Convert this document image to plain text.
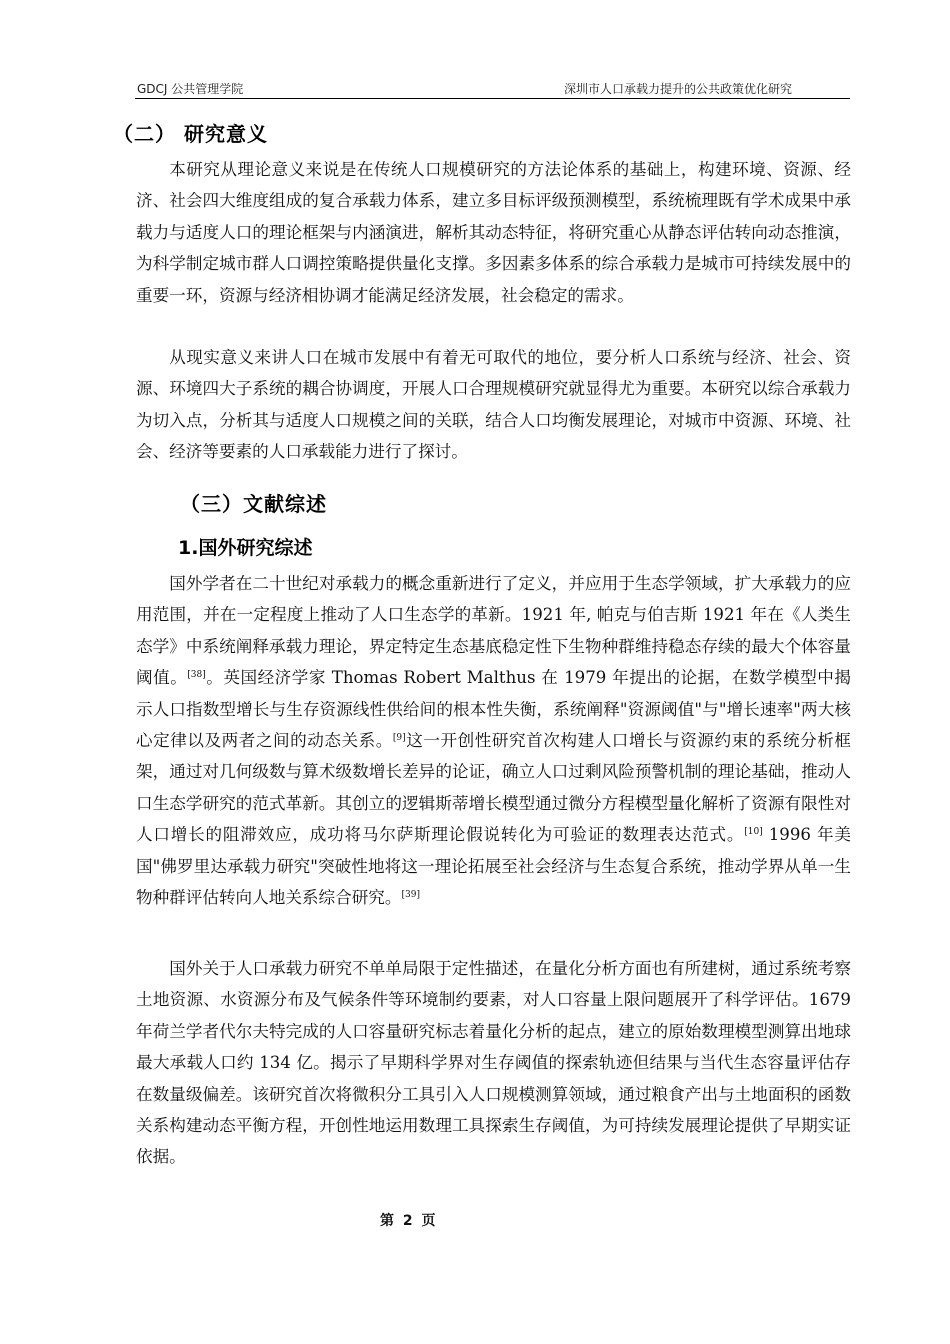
GDCJ 公共管理学院	深圳市人口承载力提升的公共政策优化研究
（二） 研究意义
本研究从理论意义来说是在传统人口规模研究的方法论体系的基础上，构建环境、资源、经济、社会四大维度组成的复合承载力体系，建立多目标评级预测模型，系统梳理既有学术成果中承载力与适度人口的理论框架与内涵演进，解析其动态特征，将研究重心从静态评估转向动态推演，为科学制定城市群人口调控策略提供量化支撑。多因素多体系的综合承载力是城市可持续发展中的重要一环，资源与经济相协调才能满足经济发展，社会稳定的需求。
从现实意义来讲人口在城市发展中有着无可取代的地位，要分析人口系统与经济、社会、资源、环境四大子系统的耦合协调度，开展人口合理规模研究就显得尤为重要。本研究以综合承载力为切入点，分析其与适度人口规模之间的关联，结合人口均衡发展理论，对城市中资源、环境、社会、经济等要素的人口承载能力进行了探讨。
（三）文献综述
1.国外研究综述
国外学者在二十世纪对承载力的概念重新进行了定义，并应用于生态学领域，扩大承载力的应用范围，并在一定程度上推动了人口生态学的革新。1921 年, 帕克与伯吉斯 1921 年在《人类生态学》中系统阐释承载力理论，界定特定生态基底稳定性下生物种群维持稳态存续的最大个体容量阈值。[38]。英国经济学家 Thomas Robert Malthus 在 1979 年提出的论据，在数学模型中揭示人口指数型增长与生存资源线性供给间的根本性失衡，系统阐释"资源阈值"与"增长速率"两大核心定律以及两者之间的动态关系。[9]这一开创性研究首次构建人口增长与资源约束的系统分析框架，通过对几何级数与算术级数增长差异的论证，确立人口过剩风险预警机制的理论基础，推动人口生态学研究的范式革新。其创立的逻辑斯蒂增长模型通过微分方程模型量化解析了资源有限性对人口增长的阻滞效应，成功将马尔萨斯理论假说转化为可验证的数理表达范式。[10] 1996 年美国"佛罗里达承载力研究"突破性地将这一理论拓展至社会经济与生态复合系统，推动学界从单一生物种群评估转向人地关系综合研究。[39]
国外关于人口承载力研究不单单局限于定性描述，在量化分析方面也有所建树，通过系统考察土地资源、水资源分布及气候条件等环境制约要素，对人口容量上限问题展开了科学评估。1679 年荷兰学者代尔夫特完成的人口容量研究标志着量化分析的起点，建立的原始数理模型测算出地球最大承载人口约 134 亿。揭示了早期科学界对生存阈值的探索轨迹但结果与当代生态容量评估存在数量级偏差。该研究首次将微积分工具引入人口规模测算领域，通过粮食产出与土地面积的函数关系构建动态平衡方程，开创性地运用数理工具探索生存阈值，为可持续发展理论提供了早期实证依据。
第 2 页
